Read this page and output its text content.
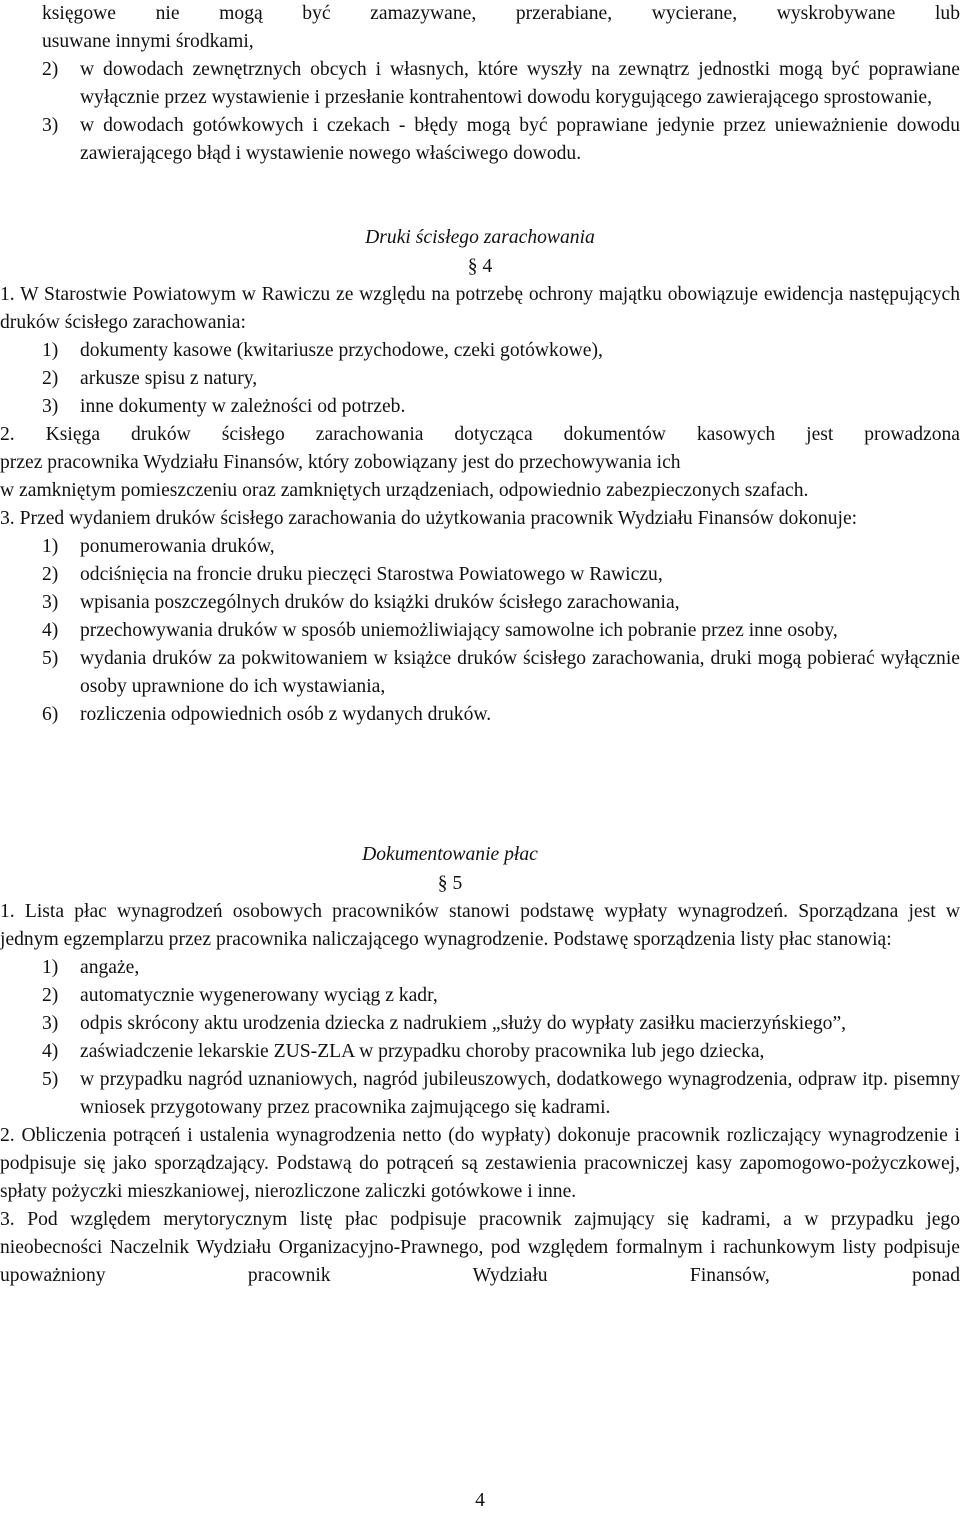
księgowe nie mogą być zamazywane, przerabiane, wycierane, wyskrobywane lub

usuwane innymi środkami,

2) w dowodach zewnętrznych obcych i własnych, które wyszły na zewnątrz jednostki mogą być poprawiane wyłącznie przez wystawienie i przesłanie kontrahentowi dowodu korygującego zawierającego sprostowanie,

3) w dowodach gotówkowych i czekach - błędy mogą być poprawiane jedynie przez unieważnienie dowodu zawierającego błąd i wystawienie nowego właściwego dowodu.

Druki ścisłego zarachowania

§ 4

1. W Starostwie Powiatowym w Rawiczu ze względu na potrzebę ochrony majątku obowiązuje ewidencja następujących druków ścisłego zarachowania:

1) dokumenty kasowe (kwitariusze przychodowe, czeki gotówkowe),

2) arkusze spisu z natury,

3) inne dokumenty w zależności od potrzeb.

2. Księga druków ścisłego zarachowania dotycząca dokumentów kasowych jest prowadzona

przez pracownika Wydziału Finansów, który zobowiązany jest do przechowywania ich

w zamkniętym pomieszczeniu oraz zamkniętych urządzeniach, odpowiednio zabezpieczonych szafach.

3. Przed wydaniem druków ścisłego zarachowania do użytkowania pracownik Wydziału Finansów dokonuje:

1) ponumerowania druków,

2) odciśnięcia na froncie druku pieczęci Starostwa Powiatowego w Rawiczu,

3) wpisania poszczególnych druków do książki druków ścisłego zarachowania,

4) przechowywania druków w sposób uniemożliwiający samowolne ich pobranie przez inne osoby,

5) wydania druków za pokwitowaniem w książce druków ścisłego zarachowania, druki mogą pobierać wyłącznie osoby uprawnione do ich wystawiania,

6) rozliczenia odpowiednich osób z wydanych druków.

Dokumentowanie płac

§ 5

1. Lista płac wynagrodzeń osobowych pracowników stanowi podstawę wypłaty wynagrodzeń. Sporządzana jest w jednym egzemplarzu przez pracownika naliczającego wynagrodzenie. Podstawę sporządzenia listy płac stanowią:

1) angaże,

2) automatycznie wygenerowany wyciąg z kadr,

3) odpis skrócony aktu urodzenia dziecka z nadrukiem „służy do wypłaty zasiłku macierzyńskiego”,

4) zaświadczenie lekarskie ZUS-ZLA w przypadku choroby pracownika lub jego dziecka,

5) w przypadku nagród uznaniowych, nagród jubileuszowych, dodatkowego wynagrodzenia, odpraw itp. pisemny wniosek przygotowany przez pracownika zajmującego się kadrami.

2. Obliczenia potrąceń i ustalenia wynagrodzenia netto (do wypłaty) dokonuje pracownik rozliczający wynagrodzenie i podpisuje się jako sporządzający. Podstawą do potrąceń są zestawienia pracowniczej kasy zapomogowo-pożyczkowej, spłaty pożyczki mieszkaniowej, nierozliczone zaliczki gotówkowe i inne.

3. Pod względem merytorycznym listę płac podpisuje pracownik zajmujący się kadrami, a w przypadku jego nieobecności Naczelnik Wydziału Organizacyjno-Prawnego, pod względem formalnym i rachunkowym listy podpisuje upoważniony pracownik Wydziału Finansów, ponad

4
